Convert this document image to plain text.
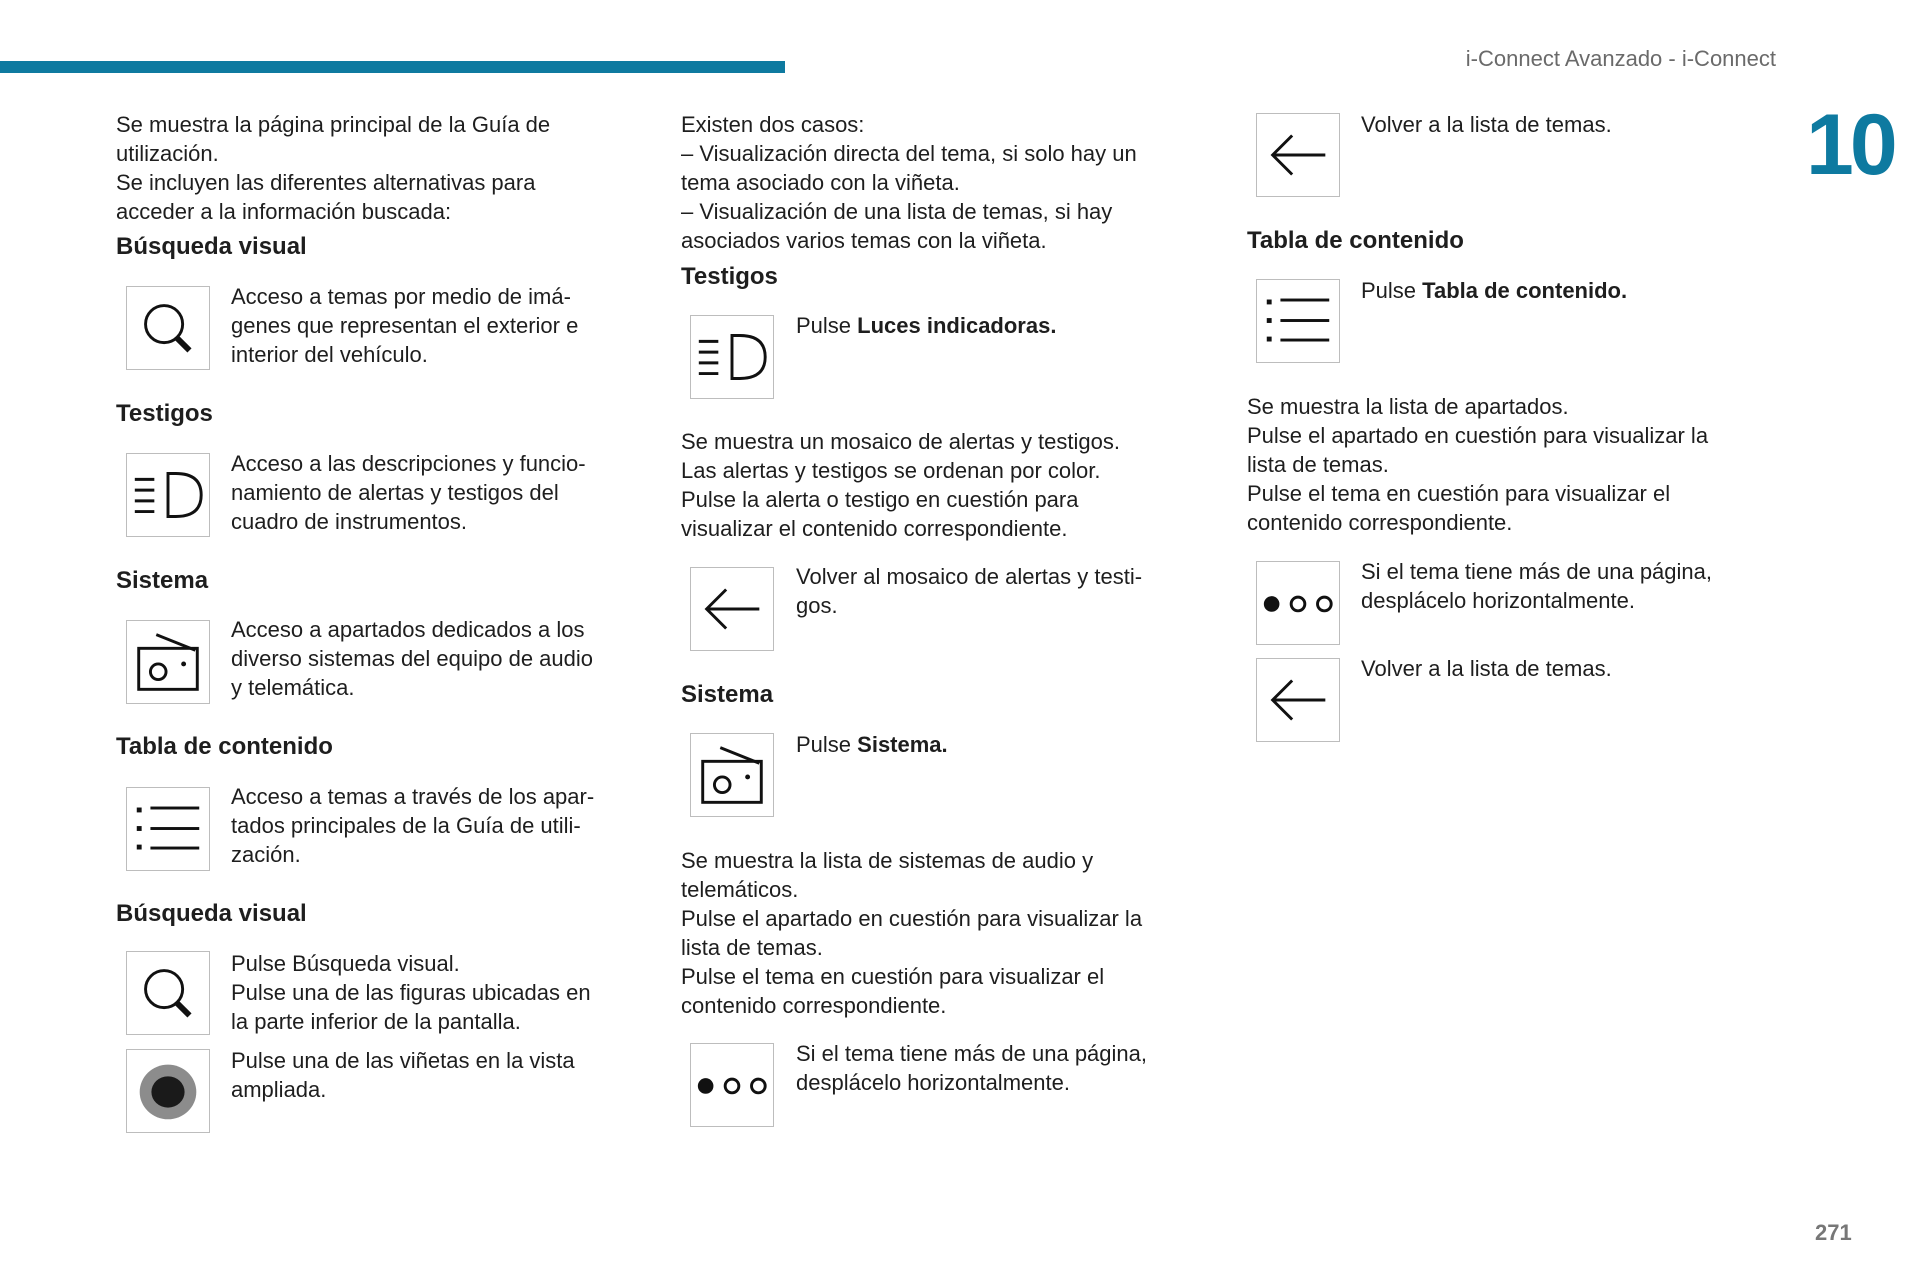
i-Connect Avanzado - i-Connect
10
271
Se muestra la página principal de la Guía de
utilización.
Se incluyen las diferentes alternativas para
acceder a la información buscada:
Búsqueda visual
Acceso a temas por medio de imá-
genes que representan el exterior e
interior del vehículo.
Testigos
Acceso a las descripciones y funcio-
namiento de alertas y testigos del
cuadro de instrumentos.
Sistema
Acceso a apartados dedicados a los
diverso sistemas del equipo de audio
y telemática.
Tabla de contenido
Acceso a temas a través de los apar-
tados principales de la Guía de utili-
zación.
Búsqueda visual
Pulse Búsqueda visual.
Pulse una de las figuras ubicadas en
la parte inferior de la pantalla.
Pulse una de las viñetas en la vista
ampliada.
Existen dos casos:
– Visualización directa del tema, si solo hay un
tema asociado con la viñeta.
– Visualización de una lista de temas, si hay
asociados varios temas con la viñeta.
Testigos
Pulse Luces indicadoras.
Se muestra un mosaico de alertas y testigos.
Las alertas y testigos se ordenan por color.
Pulse la alerta o testigo en cuestión para
visualizar el contenido correspondiente.
Volver al mosaico de alertas y testi-
gos.
Sistema
Pulse Sistema.
Se muestra la lista de sistemas de audio y
telemáticos.
Pulse el apartado en cuestión para visualizar la
lista de temas.
Pulse el tema en cuestión para visualizar el
contenido correspondiente.
Si el tema tiene más de una página,
desplácelo horizontalmente.
Volver a la lista de temas.
Tabla de contenido
Pulse Tabla de contenido.
Se muestra la lista de apartados.
Pulse el apartado en cuestión para visualizar la
lista de temas.
Pulse el tema en cuestión para visualizar el
contenido correspondiente.
Si el tema tiene más de una página,
desplácelo horizontalmente.
Volver a la lista de temas.
